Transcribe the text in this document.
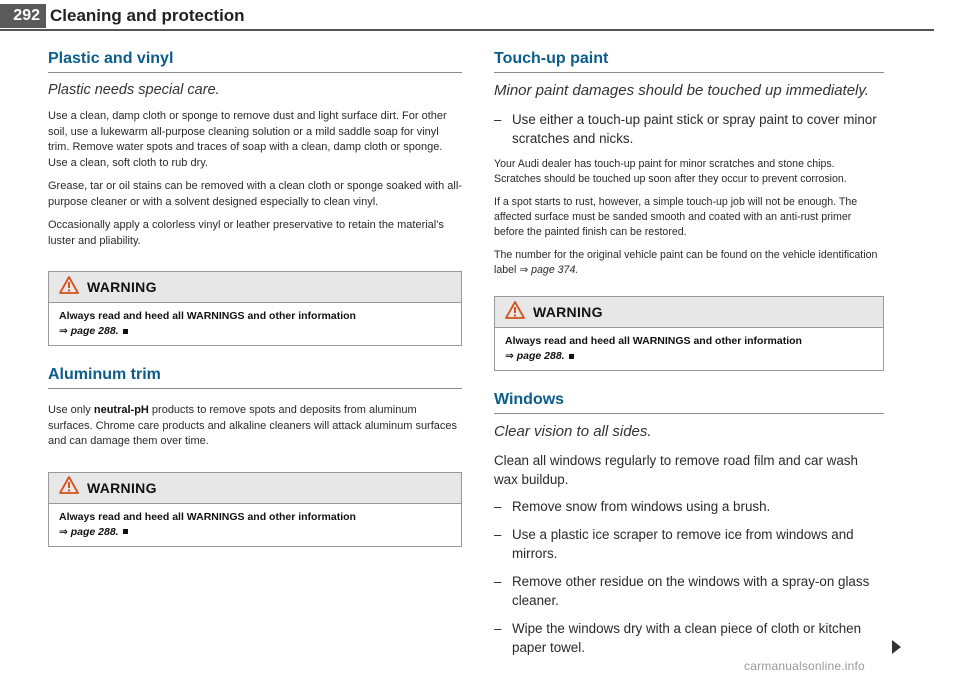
292 Cleaning and protection
Plastic and vinyl
Plastic needs special care.

Use a clean, damp cloth or sponge to remove dust and light surface dirt. For other soil, use a lukewarm all-purpose cleaning solution or a mild saddle soap for vinyl trim. Remove water spots and traces of soap with a clean, damp cloth or sponge. Use a clean, soft cloth to rub dry.

Grease, tar or oil stains can be removed with a clean cloth or sponge soaked with all-purpose cleaner or with a solvent designed especially to clean vinyl.

Occasionally apply a colorless vinyl or leather preservative to retain the material's luster and pliability.

WARNING
Always read and heed all WARNINGS and other information
⇒ page 288.
Aluminum trim

Use only neutral-pH products to remove spots and deposits from aluminum surfaces. Chrome care products and alkaline cleaners will attack aluminum surfaces and can damage them over time.

WARNING
Always read and heed all WARNINGS and other information
⇒ page 288.
Touch-up paint
Minor paint damages should be touched up immediately.
– Use either a touch-up paint stick or spray paint to cover minor scratches and nicks.

Your Audi dealer has touch-up paint for minor scratches and stone chips. Scratches should be touched up soon after they occur to prevent corrosion.

If a spot starts to rust, however, a simple touch-up job will not be enough. The affected surface must be sanded smooth and coated with an anti-rust primer before the painted finish can be restored.

The number for the original vehicle paint can be found on the vehicle identification label ⇒ page 374.

WARNING
Always read and heed all WARNINGS and other information
⇒ page 288.
Windows
Clear vision to all sides.

Clean all windows regularly to remove road film and car wash wax buildup.

– Remove snow from windows using a brush.
– Use a plastic ice scraper to remove ice from windows and mirrors.
– Remove other residue on the windows with a spray-on glass cleaner.
– Wipe the windows dry with a clean piece of cloth or kitchen paper towel.
carmanualsonline.info
